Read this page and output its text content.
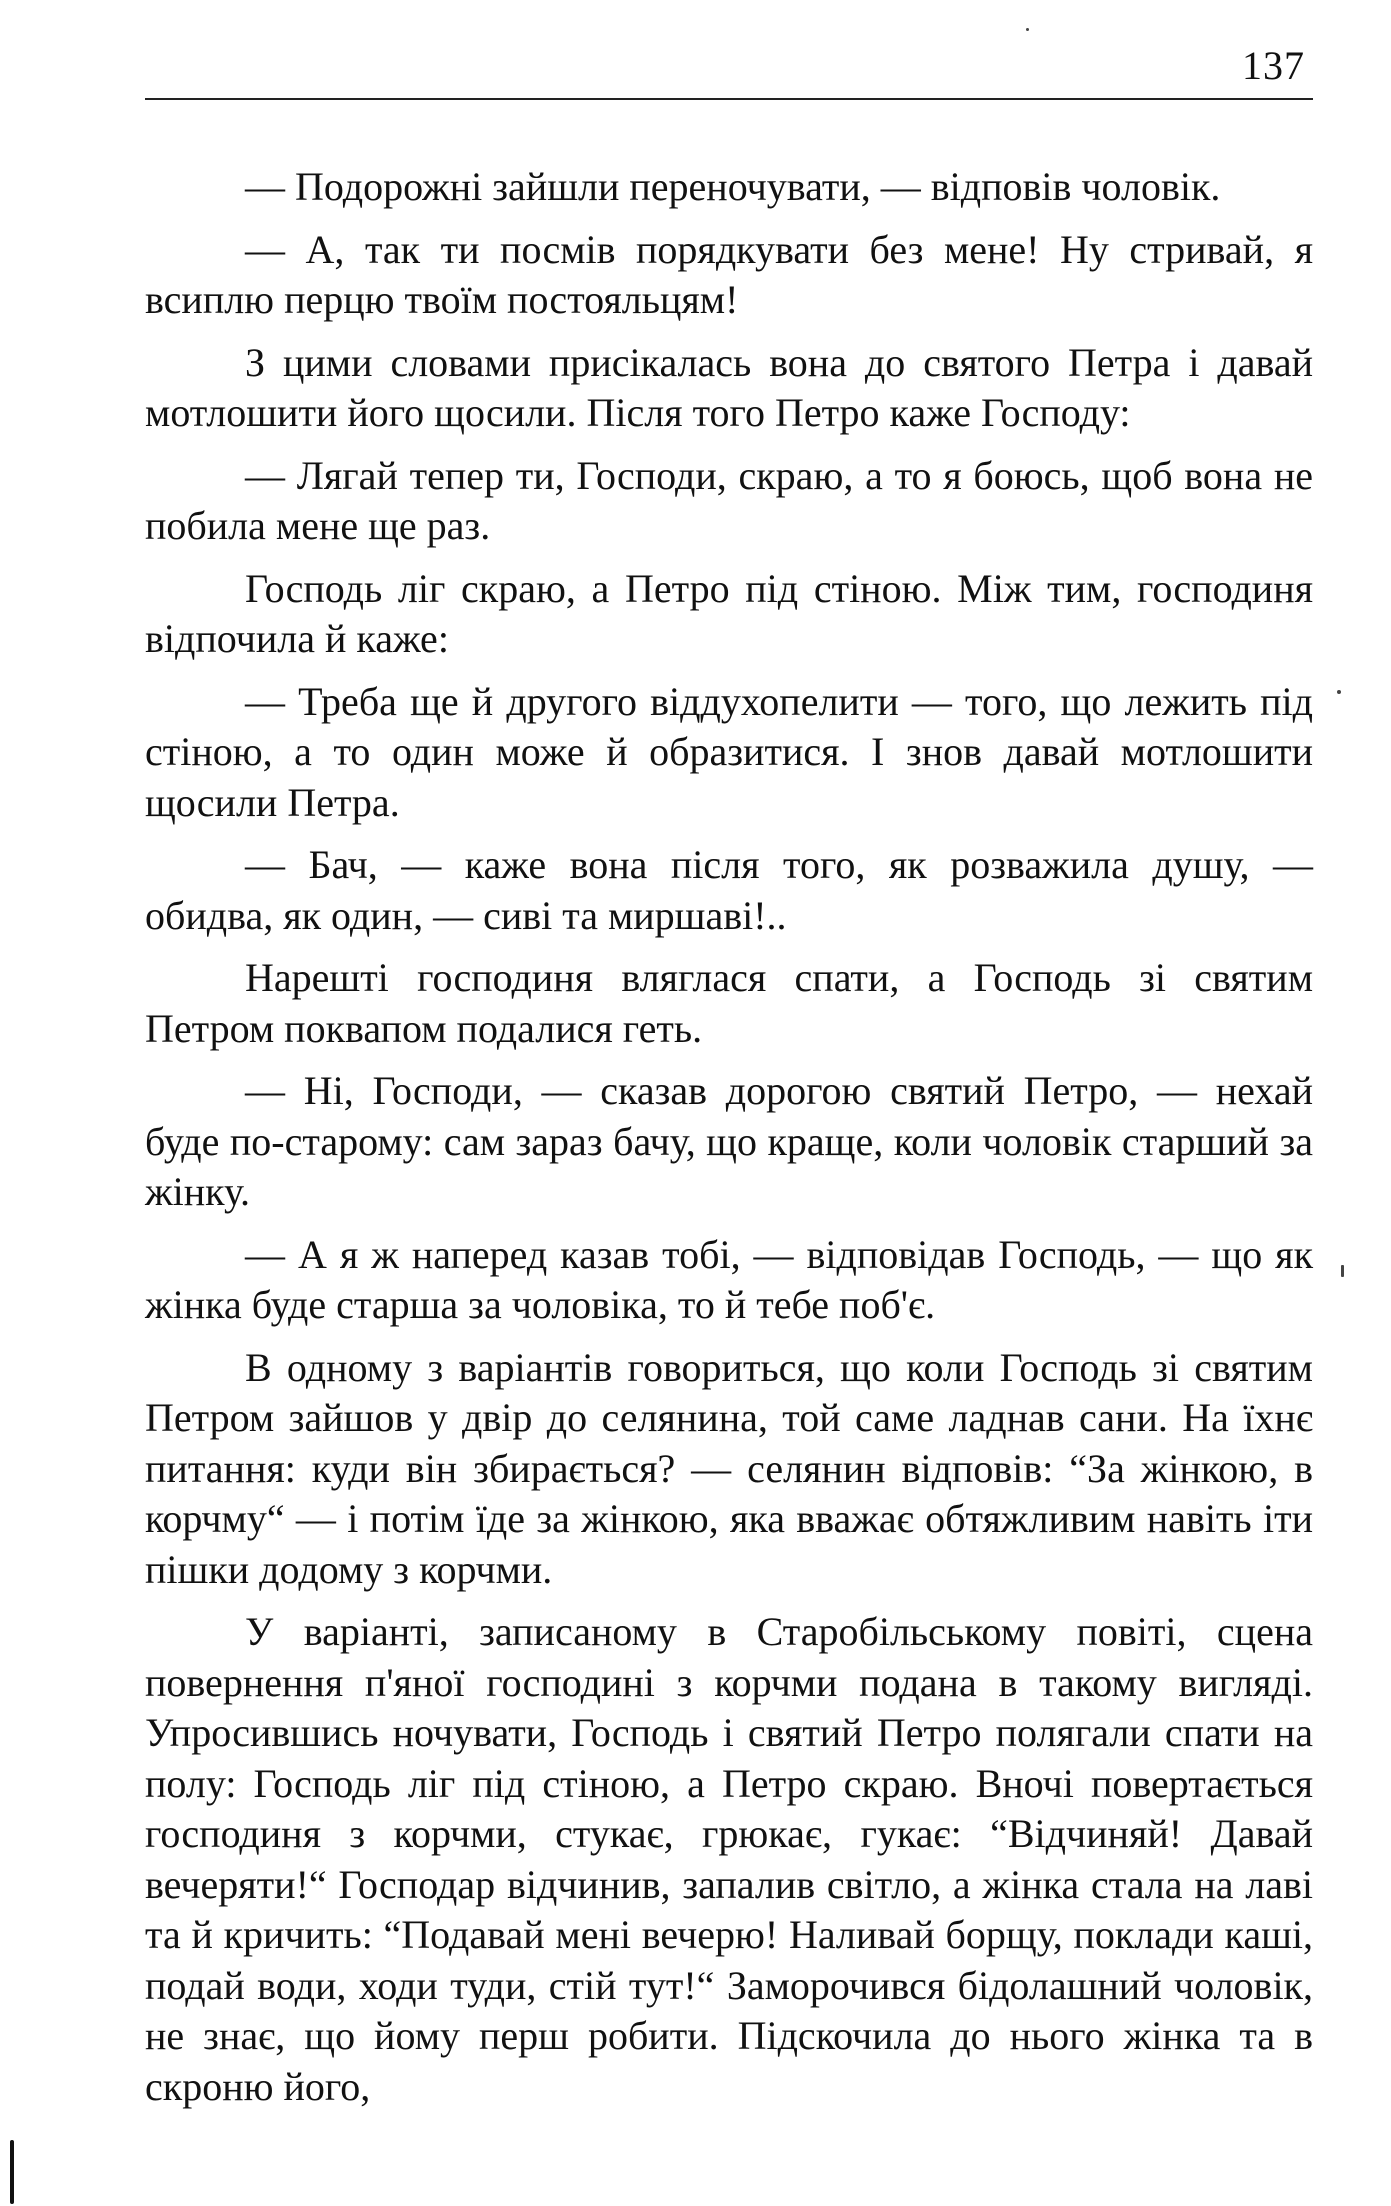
137

— Подорожні зайшли переночувати, — відповів чоловік.

— А, так ти посмів порядкувати без мене! Ну стривай, я всиплю перцю твоїм постояльцям!

З цими словами присікалась вона до святого Петра і давай мотлошити його щосили. Після того Петро каже Господу:

— Лягай тепер ти, Господи, скраю, а то я боюсь, щоб вона не побила мене ще раз.

Господь ліг скраю, а Петро під стіною. Між тим, господиня відпочила й каже:

— Треба ще й другого віддухопелити — того, що лежить під стіною, а то один може й образитися. І знов давай мотлошити щосили Петра.

— Бач, — каже вона після того, як розважила душу, — обидва, як один, — сиві та миршаві!..

Нарешті господиня вляглася спати, а Господь зі святим Петром поквапом подалися геть.

— Ні, Господи, — сказав дорогою святий Петро, — нехай буде по-старому: сам зараз бачу, що краще, коли чоловік старший за жінку.

— А я ж наперед казав тобі, — відповідав Господь, — що як жінка буде старша за чоловіка, то й тебе поб'є.

В одному з варіантів говориться, що коли Господь зі святим Петром зайшов у двір до селянина, той саме ладнав сани. На їхнє питання: куди він збирається? — селянин відповів: “За жінкою, в корчму“ — і потім їде за жінкою, яка вважає обтяжливим навіть іти пішки додому з корчми.

У варіанті, записаному в Старобільському повіті, сцена повернення п'яної господині з корчми подана в такому вигляді. Упросившись ночувати, Господь і святий Петро полягали спати на полу: Господь ліг під стіною, а Петро скраю. Вночі повертається господиня з корчми, стукає, грюкає, гукає: “Відчиняй! Давай вечеряти!“ Господар відчинив, запалив світло, а жінка стала на лаві та й кричить: “Подавай мені вечерю! Наливай борщу, поклади каші, подай води, ходи туди, стій тут!“ Заморочився бідолашний чоловік, не знає, що йому перш робити. Підскочила до нього жінка та в скроню його,
